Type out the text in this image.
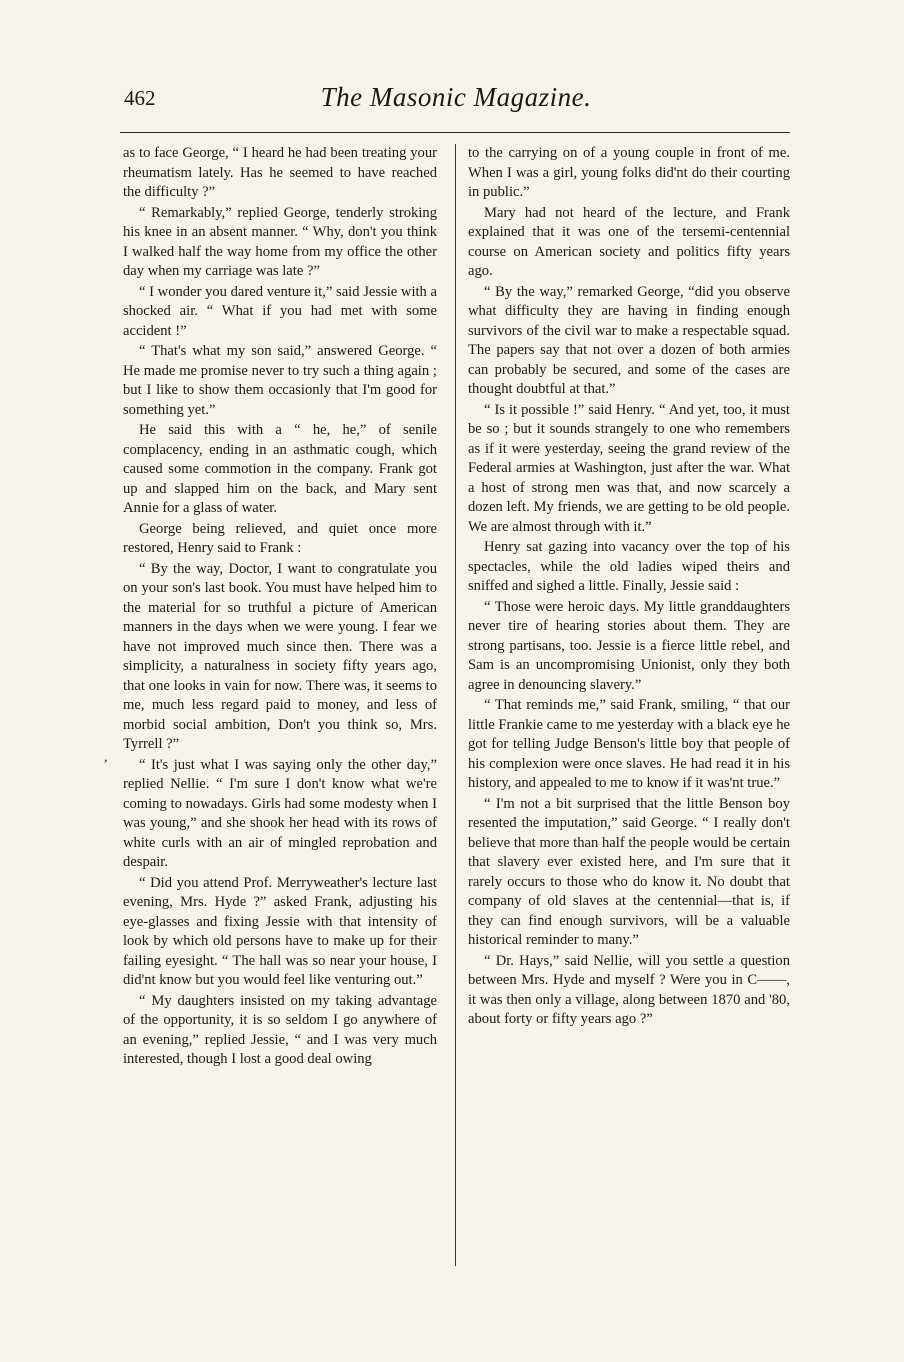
462	The Masonic Magazine.
,

as to face George, “ I heard he had been treating your rheumatism lately. Has he seemed to have reached the difficulty ?”

“ Remarkably,” replied George, tenderly stroking his knee in an absent manner. “ Why, don't you think I walked half the way home from my office the other day when my carriage was late ?”

“ I wonder you dared venture it,” said Jessie with a shocked air. “ What if you had met with some accident !”

“ That's what my son said,” answered George. “ He made me promise never to try such a thing again ; but I like to show them occasionly that I'm good for something yet.”

He said this with a “ he, he,” of senile complacency, ending in an asthmatic cough, which caused some commotion in the company. Frank got up and slapped him on the back, and Mary sent Annie for a glass of water.

George being relieved, and quiet once more restored, Henry said to Frank :

“ By the way, Doctor, I want to congratulate you on your son's last book. You must have helped him to the material for so truthful a picture of American manners in the days when we were young. I fear we have not improved much since then. There was a simplicity, a naturalness in society fifty years ago, that one looks in vain for now. There was, it seems to me, much less regard paid to money, and less of morbid social ambition, Don't you think so, Mrs. Tyrrell ?”

“ It's just what I was saying only the other day,” replied Nellie. “ I'm sure I don't know what we're coming to nowadays. Girls had some modesty when I was young,” and she shook her head with its rows of white curls with an air of mingled reprobation and despair.

“ Did you attend Prof. Merryweather's lecture last evening, Mrs. Hyde ?” asked Frank, adjusting his eye-glasses and fixing Jessie with that intensity of look by which old persons have to make up for their failing eyesight. “ The hall was so near your house, I did'nt know but you would feel like venturing out.”

“ My daughters insisted on my taking advantage of the opportunity, it is so seldom I go anywhere of an evening,” replied Jessie, “ and I was very much interested, though I lost a good deal owing

to the carrying on of a young couple in front of me. When I was a girl, young folks did'nt do their courting in public.”

Mary had not heard of the lecture, and Frank explained that it was one of the tersemi-centennial course on American society and politics fifty years ago.

“ By the way,” remarked George, “did you observe what difficulty they are having in finding enough survivors of the civil war to make a respectable squad. The papers say that not over a dozen of both armies can probably be secured, and some of the cases are thought doubtful at that.”

“ Is it possible !” said Henry. “ And yet, too, it must be so ; but it sounds strangely to one who remembers as if it were yesterday, seeing the grand review of the Federal armies at Washington, just after the war. What a host of strong men was that, and now scarcely a dozen left. My friends, we are getting to be old people. We are almost through with it.”

Henry sat gazing into vacancy over the top of his spectacles, while the old ladies wiped theirs and sniffed and sighed a little. Finally, Jessie said :

“ Those were heroic days. My little granddaughters never tire of hearing stories about them. They are strong partisans, too. Jessie is a fierce little rebel, and Sam is an uncompromising Unionist, only they both agree in denouncing slavery.”

“ That reminds me,” said Frank, smiling, “ that our little Frankie came to me yesterday with a black eye he got for telling Judge Benson's little boy that people of his complexion were once slaves. He had read it in his history, and appealed to me to know if it was'nt true.”

“ I'm not a bit surprised that the little Benson boy resented the imputation,” said George. “ I really don't believe that more than half the people would be certain that slavery ever existed here, and I'm sure that it rarely occurs to those who do know it. No doubt that company of old slaves at the centennial—that is, if they can find enough survivors, will be a valuable historical reminder to many.”

“ Dr. Hays,” said Nellie, will you settle a question between Mrs. Hyde and myself ? Were you in C——, it was then only a village, along between 1870 and '80, about forty or fifty years ago ?”
